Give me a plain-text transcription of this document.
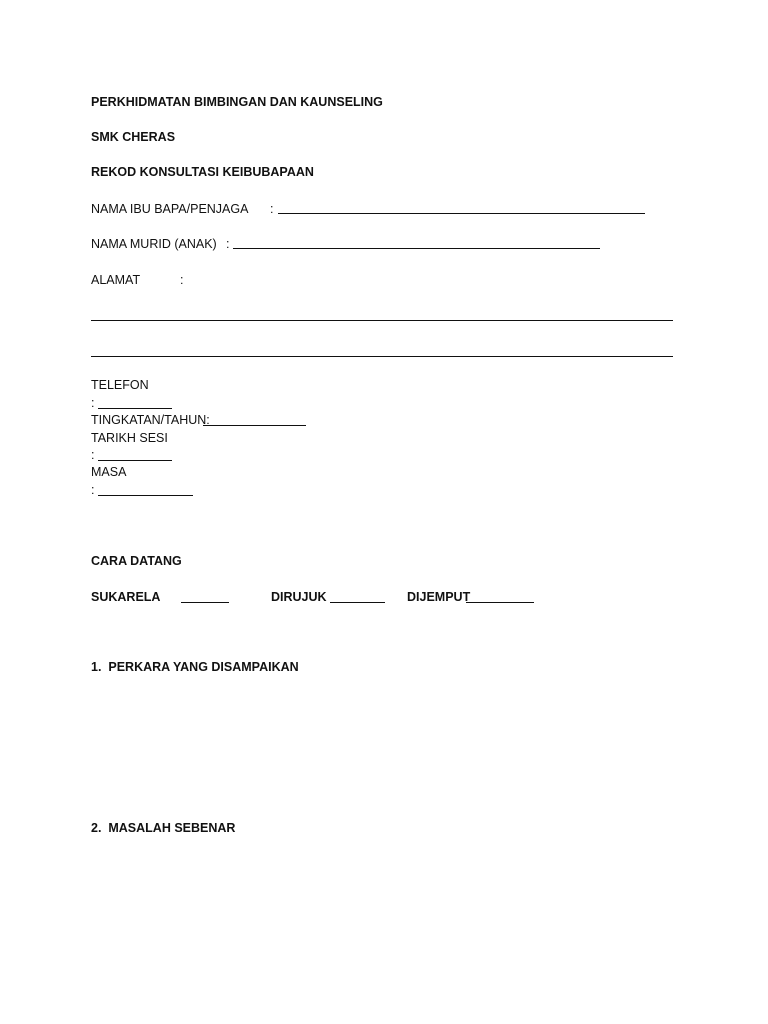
PERKHIDMATAN BIMBINGAN DAN KAUNSELING
SMK CHERAS
REKOD KONSULTASI KEIBUBAPAAN
NAMA IBU BAPA/PENJAGA :
NAMA MURID (ANAK) :
ALAMAT	:
TELEFON
:
TINGKATAN/TAHUN:
TARIKH SESI
:
MASA
:
CARA DATANG
SUKARELA	DIRUJUK	DIJEMPUT
1.  PERKARA YANG DISAMPAIKAN
2.  MASALAH SEBENAR
